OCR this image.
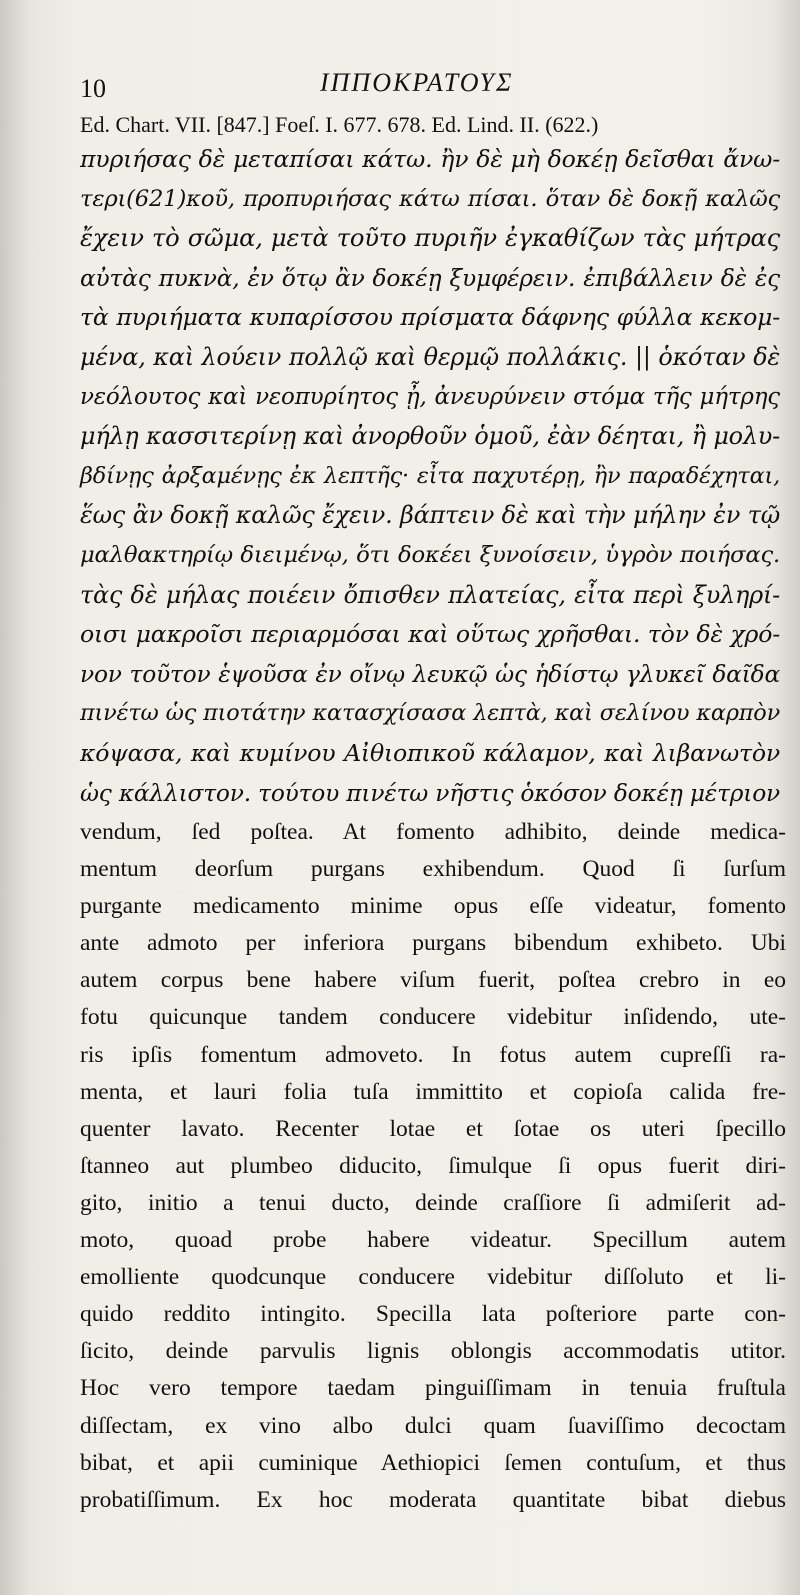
10	ΙΠΠΟΚΡΑΤΟΥΣ
Ed. Chart. VII. [847.] Foeſ. I. 677. 678. Ed. Lind. II. (622.)
πυριήσας δὲ μεταπίσαι κάτω. ἢν δὲ μὴ δοκέῃ δεῖσθαι ἄνω-
τερι(621)κοῦ, προπυριήσας κάτω πίσαι. ὅταν δὲ δοκῇ καλῶς
ἔχειν τὸ σῶμα, μετὰ τοῦτο πυριῆν ἐγκαθίζων τὰς μήτρας
αὐτὰς πυκνὰ, ἐν ὅτῳ ἂν δοκέῃ ξυμφέρειν. ἐπιβάλλειν δὲ ἐς
τὰ πυριήματα κυπαρίσσου πρίσματα δάφνης φύλλα κεκομ-
μένα, καὶ λούειν πολλῷ καὶ θερμῷ πολλάκις. || ὁκόταν δὲ
νεόλουτος καὶ νεοπυρίητος ᾖ, ἀνευρύνειν στόμα τῆς μήτρης
μήλῃ κασσιτερίνῃ καὶ ἀνορθοῦν ὁμοῦ, ἐὰν δέηται, ἢ μολυ-
βδίνῃς ἀρξαμένῃς ἐκ λεπτῆς· εἶτα παχυτέρῃ, ἢν παραδέχηται,
ἕως ἂν δοκῇ καλῶς ἔχειν. βάπτειν δὲ καὶ τὴν μήλην ἐν τῷ
μαλθακτηρίῳ διειμένῳ, ὅτι δοκέει ξυνοίσειν, ὑγρὸν ποιήσας.
τὰς δὲ μήλας ποιέειν ὄπισθεν πλατείας, εἶτα περὶ ξυληρί-
οισι μακροῖσι περιαρμόσαι καὶ οὕτως χρῆσθαι. τὸν δὲ χρό-
νον τοῦτον ἑψοῦσα ἐν οἴνῳ λευκῷ ὡς ἡδίστῳ γλυκεῖ δαῖδα
πινέτω ὡς πιοτάτην κατασχίσασα λεπτὰ, καὶ σελίνου καρπὸν
κόψασα, καὶ κυμίνου Αἰθιοπικοῦ κάλαμον, καὶ λιβανωτὸν
ὡς κάλλιστον. τούτου πινέτω νῆστις ὁκόσον δοκέῃ μέτριον
vendum, ſed poſtea. At fomento adhibito, deinde medica-
mentum deorſum purgans exhibendum. Quod ſi ſurſum
purgante medicamento minime opus eſſe videatur, fomento
ante admoto per inferiora purgans bibendum exhibeto. Ubi
autem corpus bene habere viſum fuerit, poſtea crebro in eo
fotu quicunque tandem conducere videbitur inſidendo, ute-
ris ipſis fomentum admoveto. In fotus autem cupreſſi ra-
menta, et lauri folia tuſa immittito et copioſa calida fre-
quenter lavato. Recenter lotae et ſotae os uteri ſpecillo
ſtanneo aut plumbeo diducito, ſimulque ſi opus fuerit diri-
gito, initio a tenui ducto, deinde craſſiore ſi admiſerit ad-
moto, quoad probe habere videatur. Specillum autem
emolliente quodcunque conducere videbitur diſſoluto et li-
quido reddito intingito. Specilla lata poſteriore parte con-
ſicito, deinde parvulis lignis oblongis accommodatis utitor.
Hoc vero tempore taedam pinguiſſimam in tenuia fruſtula
diſſectam, ex vino albo dulci quam ſuaviſſimo decoctam
bibat, et apii cuminique Aethiopici ſemen contuſum, et thus
probatiſſimum. Ex hoc moderata quantitate bibat diebus
